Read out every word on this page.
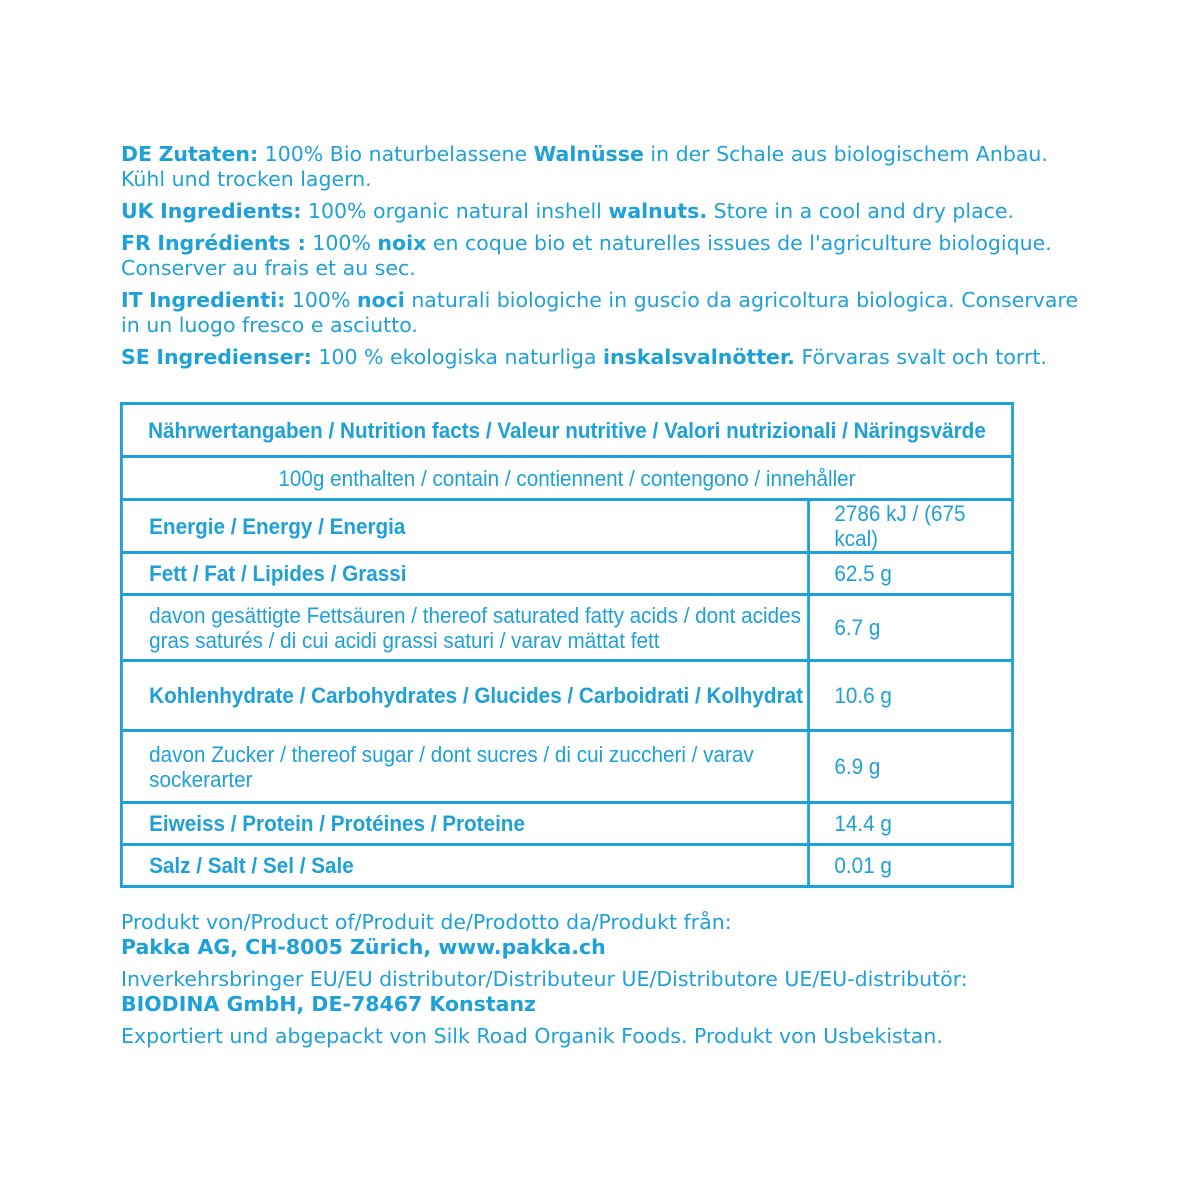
DE Zutaten: 100% Bio naturbelassene Walnüsse in der Schale aus biologischem Anbau. Kühl und trocken lagern.

UK Ingredients: 100% organic natural inshell walnuts. Store in a cool and dry place.

FR Ingrédients : 100% noix en coque bio et naturelles issues de l'agriculture biologique. Conserver au frais et au sec.

IT Ingredienti: 100% noci naturali biologiche in guscio da agricoltura biologica. Conservare in un luogo fresco e asciutto.

SE Ingredienser: 100 % ekologiska naturliga inskalsvalnötter. Förvaras svalt och torrt.

Nährwertangaben / Nutrition facts / Valeur nutritive / Valori nutrizionali / Näringsvärde	
100g enthalten / contain / contiennent / contengono / innehåller	
Energie / Energy / Energia	2786 kJ / (675 kcal)
Fett / Fat / Lipides / Grassi	62.5 g
davon gesättigte Fettsäuren / thereof saturated fatty acids / dont acides gras saturés / di cui acidi grassi saturi / varav mättat fett	6.7 g
Kohlenhydrate / Carbohydrates / Glucides / Carboidrati / Kolhydrat	10.6 g
davon Zucker / thereof sugar / dont sucres / di cui zuccheri / varav sockerarter	6.9 g
Eiweiss / Protein / Protéines / Proteine	14.4 g
Salz / Salt / Sel / Sale	0.01 g

Produkt von/Product of/Produit de/Prodotto da/Produkt från:
Pakka AG, CH-8005 Zürich, www.pakka.ch

Inverkehrsbringer EU/EU distributor/Distributeur UE/Distributore UE/EU-distributör:
BIODINA GmbH, DE-78467 Konstanz

Exportiert und abgepackt von Silk Road Organik Foods. Produkt von Usbekistan.
